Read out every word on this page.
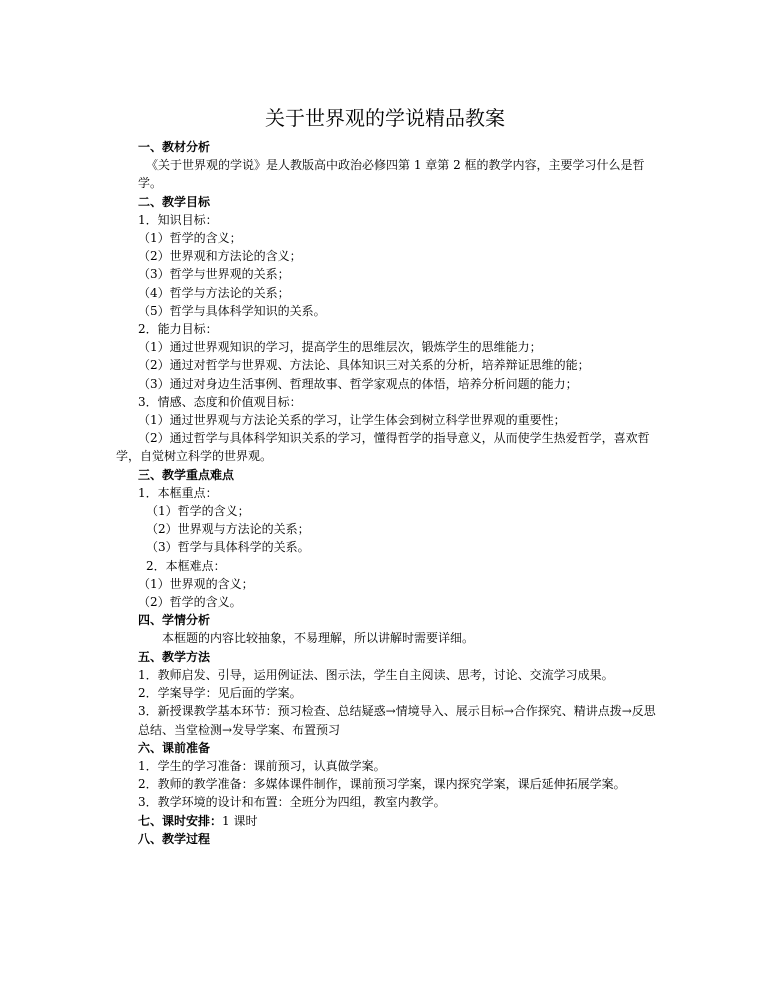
关于世界观的学说精品教案
一、教材分析
《关于世界观的学说》是人教版高中政治必修四第 1 章第 2 框的教学内容，主要学习什么是哲学。
二、教学目标
1．知识目标：
（1）哲学的含义；
（2）世界观和方法论的含义；
（3）哲学与世界观的关系；
（4）哲学与方法论的关系；
（5）哲学与具体科学知识的关系。
2．能力目标：
（1）通过世界观知识的学习，提高学生的思维层次，锻炼学生的思维能力；
（2）通过对哲学与世界观、方法论、具体知识三对关系的分析，培养辩证思维的能；
（3）通过对身边生活事例、哲理故事、哲学家观点的体悟，培养分析问题的能力；
3．情感、态度和价值观目标：
（1）通过世界观与方法论关系的学习，让学生体会到树立科学世界观的重要性；
（2）通过哲学与具体科学知识关系的学习，懂得哲学的指导意义，从而使学生热爱哲学，喜欢哲学，自觉树立科学的世界观。
三、教学重点难点
1．本框重点：
（1）哲学的含义；
（2）世界观与方法论的关系；
（3）哲学与具体科学的关系。
2．本框难点：
（1）世界观的含义；
（2）哲学的含义。
四、学情分析
本框题的内容比较抽象，不易理解，所以讲解时需要详细。
五、教学方法
1．教师启发、引导，运用例证法、图示法，学生自主阅读、思考，讨论、交流学习成果。
2．学案导学：见后面的学案。
3．新授课教学基本环节：预习检查、总结疑惑→情境导入、展示目标→合作探究、精讲点拨→反思总结、当堂检测→发导学案、布置预习
六、课前准备
1．学生的学习准备：课前预习，认真做学案。
2．教师的教学准备：多媒体课件制作，课前预习学案，课内探究学案，课后延伸拓展学案。
3．教学环境的设计和布置：全班分为四组，教室内教学。
七、课时安排：1 课时
八、教学过程
